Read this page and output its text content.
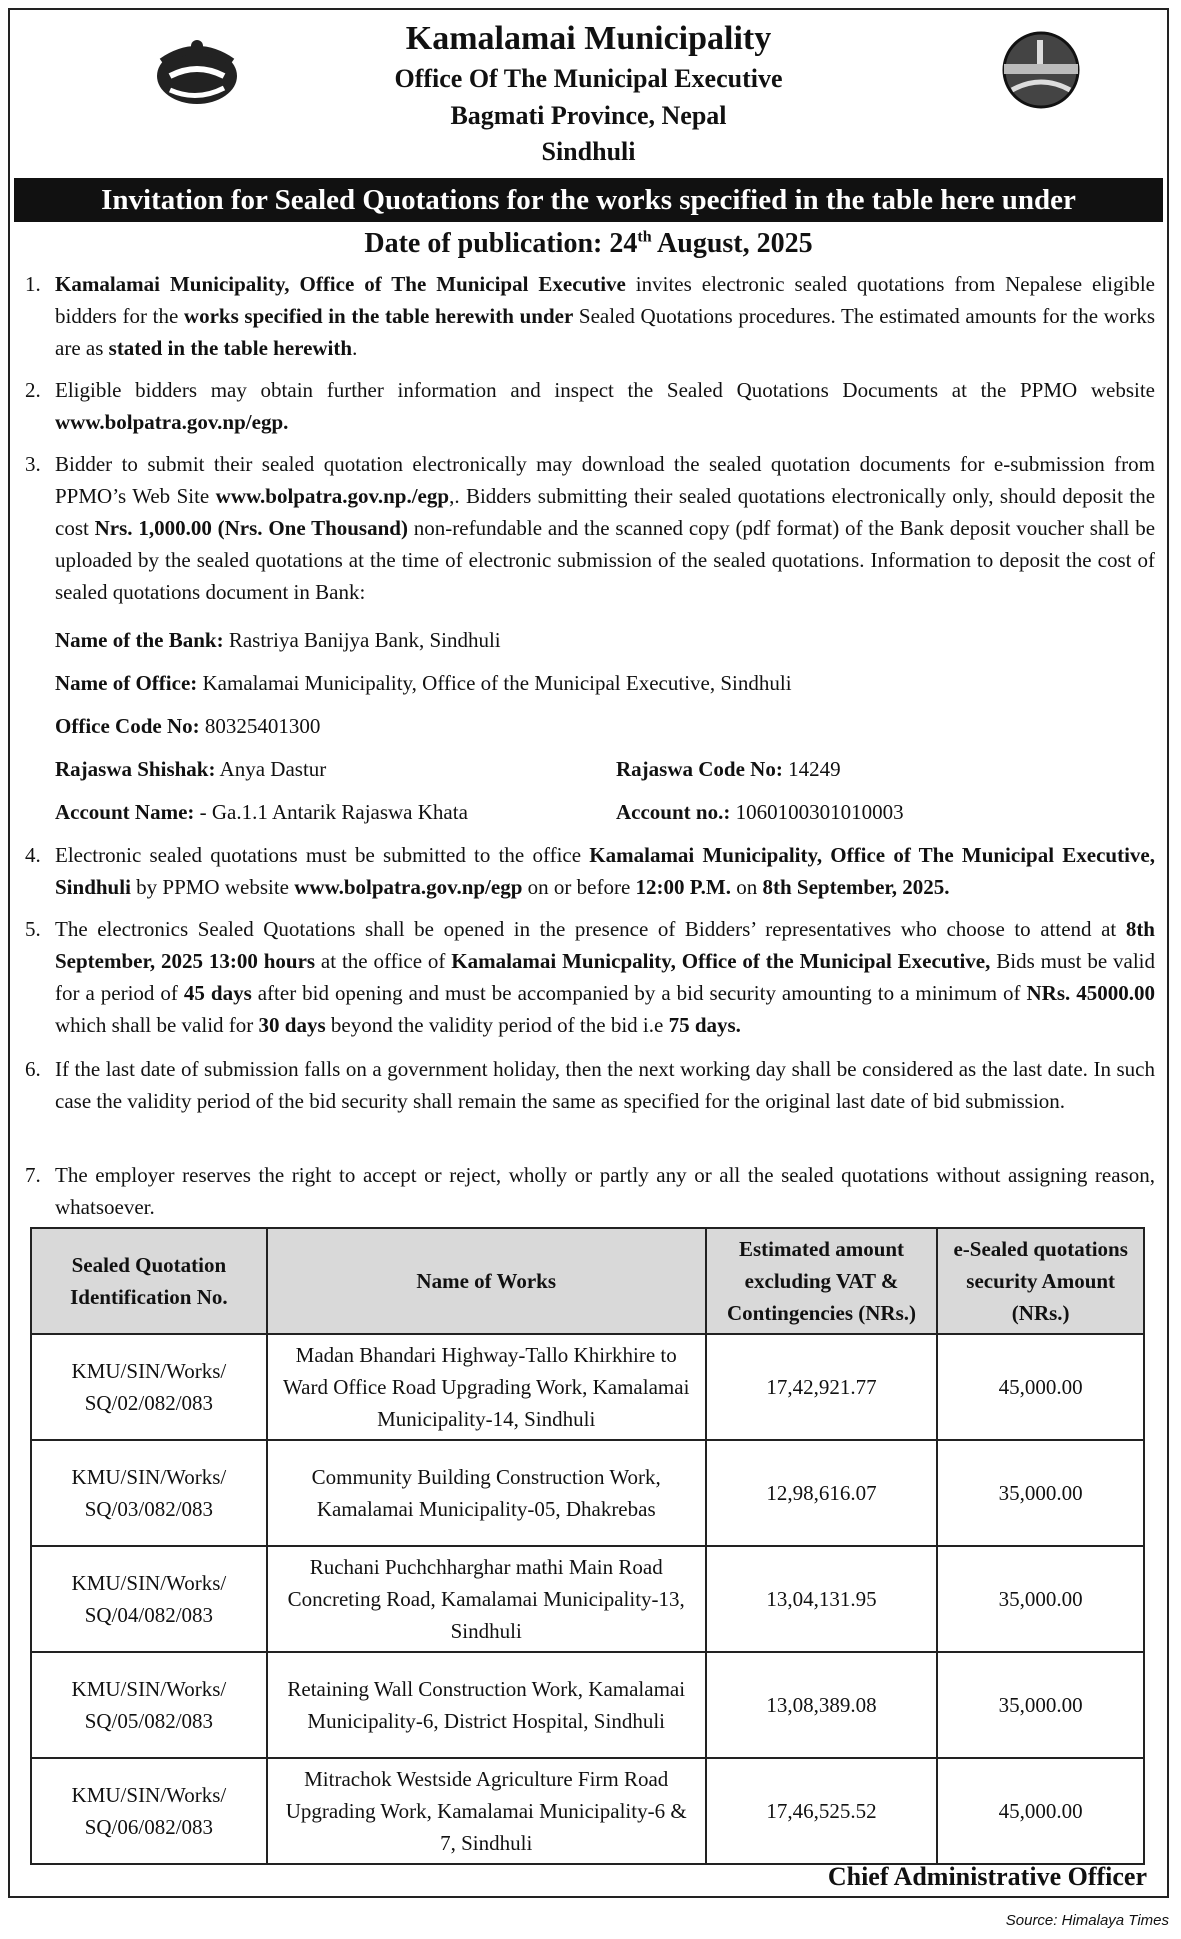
Kamalamai Municipality
Office Of The Municipal Executive
Bagmati Province, Nepal
Sindhuli
Invitation for Sealed Quotations for the works specified in the table here under
Date of publication: 24th August, 2025
1. Kamalamai Municipality, Office of The Municipal Executive invites electronic sealed quotations from Nepalese eligible bidders for the works specified in the table herewith under Sealed Quotations procedures. The estimated amounts for the works are as stated in the table herewith.
2. Eligible bidders may obtain further information and inspect the Sealed Quotations Documents at the PPMO website www.bolpatra.gov.np/egp.
3. Bidder to submit their sealed quotation electronically may download the sealed quotation documents for e-submission from PPMO’s Web Site www.bolpatra.gov.np./egp,. Bidders submitting their sealed quotations electronically only, should deposit the cost Nrs. 1,000.00 (Nrs. One Thousand) non-refundable and the scanned copy (pdf format) of the Bank deposit voucher shall be uploaded by the sealed quotations at the time of electronic submission of the sealed quotations. Information to deposit the cost of sealed quotations document in Bank:
Name of the Bank: Rastriya Banijya Bank, Sindhuli
Name of Office: Kamalamai Municipality, Office of the Municipal Executive, Sindhuli
Office Code No: 80325401300
Rajaswa Shishak: Anya Dastur	Rajaswa Code No: 14249
Account Name: - Ga.1.1 Antarik Rajaswa Khata	Account no.: 1060100301010003
4. Electronic sealed quotations must be submitted to the office Kamalamai Municipality, Office of The Municipal Executive, Sindhuli by PPMO website www.bolpatra.gov.np/egp on or before 12:00 P.M. on 8th September, 2025.
5. The electronics Sealed Quotations shall be opened in the presence of Bidders’ representatives who choose to attend at 8th September, 2025 13:00 hours at the office of Kamalamai Municpality, Office of the Municipal Executive, Bids must be valid for a period of 45 days after bid opening and must be accompanied by a bid security amounting to a minimum of NRs. 45000.00 which shall be valid for 30 days beyond the validity period of the bid i.e 75 days.
6. If the last date of submission falls on a government holiday, then the next working day shall be considered as the last date. In such case the validity period of the bid security shall remain the same as specified for the original last date of bid submission.
7. The employer reserves the right to accept or reject, wholly or partly any or all the sealed quotations without assigning reason, whatsoever.
Sealed Quotation Identification No.	Name of Works	Estimated amount excluding VAT & Contingencies (NRs.)	e-Sealed quotations security Amount (NRs.)
KMU/SIN/Works/ SQ/02/082/083	Madan Bhandari Highway-Tallo Khirkhire to Ward Office Road Upgrading Work, Kamalamai Municipality-14, Sindhuli	17,42,921.77	45,000.00
KMU/SIN/Works/ SQ/03/082/083	Community Building Construction Work, Kamalamai Municipality-05, Dhakrebas	12,98,616.07	35,000.00
KMU/SIN/Works/ SQ/04/082/083	Ruchani Puchchharghar mathi Main Road Concreting Road, Kamalamai Municipality-13, Sindhuli	13,04,131.95	35,000.00
KMU/SIN/Works/ SQ/05/082/083	Retaining Wall Construction Work, Kamalamai Municipality-6, District Hospital, Sindhuli	13,08,389.08	35,000.00
KMU/SIN/Works/ SQ/06/082/083	Mitrachok Westside Agriculture Firm Road Upgrading Work, Kamalamai Municipality-6 & 7, Sindhuli	17,46,525.52	45,000.00
Chief Administrative Officer
Source: Himalaya Times
